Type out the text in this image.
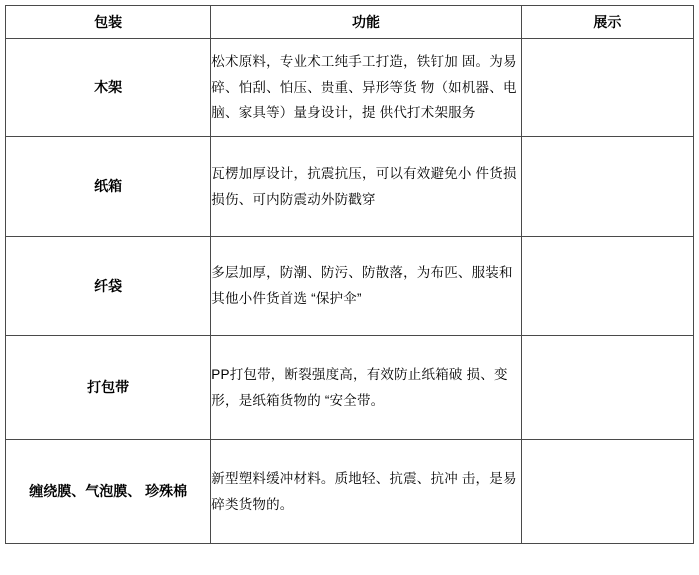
包装	功能	展示
木架	松术原料，专业术工纯手工打造，铁钉加 固。为易碎、怕刮、怕压、贵重、异形等货 物（如机器、电脑、家具等）量身设计，提 供代打术架服务	

纸箱	瓦楞加厚设计，抗震抗压，可以有效避免小 件货损损伤、可内防震动外防戳穿	

纤袋	多层加厚，防潮、防污、防散落，为布匹、服装和其他小件货首选 “保护伞”	

打包带	PP打包带，断裂强度高，有效防止纸箱破 损、变形，是纸箱货物的 “安全带。	

缠绕膜、气泡膜、 珍殊棉	新型塑料缓冲材料。质地轻、抗震、抗冲 击，是易碎类货物的。	
